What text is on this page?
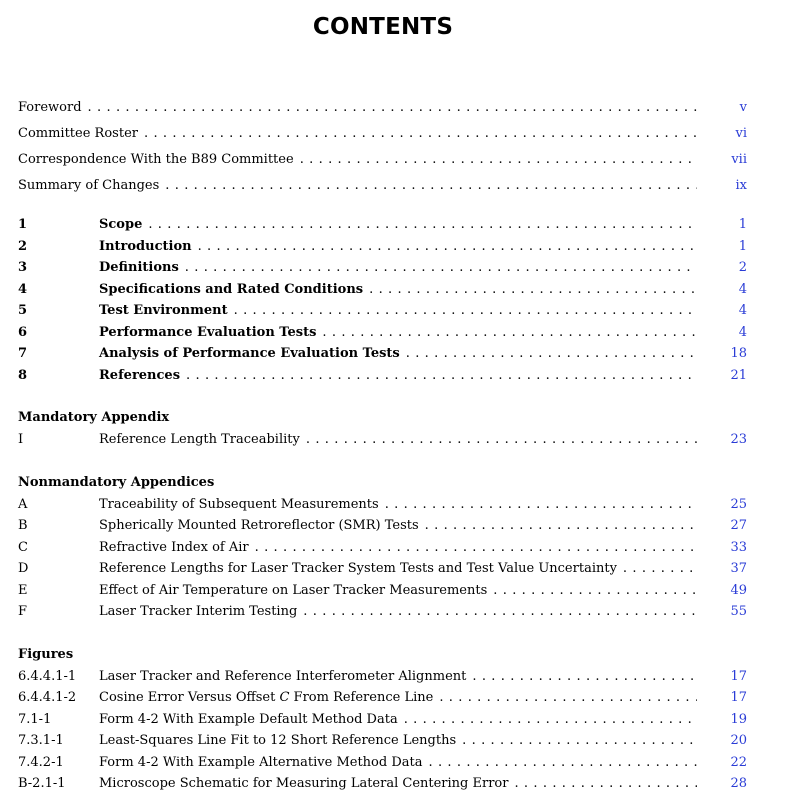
CONTENTS
Foreword . . .	v
Committee Roster . . .	vi
Correspondence With the B89 Committee . . .	vii
Summary of Changes . . .	ix
1	Scope . . .	1
2	Introduction . . .	1
3	Definitions . . .	2
4	Specifications and Rated Conditions . . .	4
5	Test Environment . . .	4
6	Performance Evaluation Tests . . .	4
7	Analysis of Performance Evaluation Tests . . .	18
8	References . . .	21
Mandatory Appendix
I	Reference Length Traceability . . .	23
Nonmandatory Appendices
A	Traceability of Subsequent Measurements . . .	25
B	Spherically Mounted Retroreflector (SMR) Tests . . .	27
C	Refractive Index of Air . . .	33
D	Reference Lengths for Laser Tracker System Tests and Test Value Uncertainty . . .	37
E	Effect of Air Temperature on Laser Tracker Measurements . . .	49
F	Laser Tracker Interim Testing . . .	55
Figures
6.4.4.1-1	Laser Tracker and Reference Interferometer Alignment . . .	17
6.4.4.1-2	Cosine Error Versus Offset C From Reference Line . . .	17
7.1-1	Form 4-2 With Example Default Method Data . . .	19
7.3.1-1	Least-Squares Line Fit to 12 Short Reference Lengths . . .	20
7.4.2-1	Form 4-2 With Example Alternative Method Data . . .	22
B-2.1-1	Microscope Schematic for Measuring Lateral Centering Error . . .	28
